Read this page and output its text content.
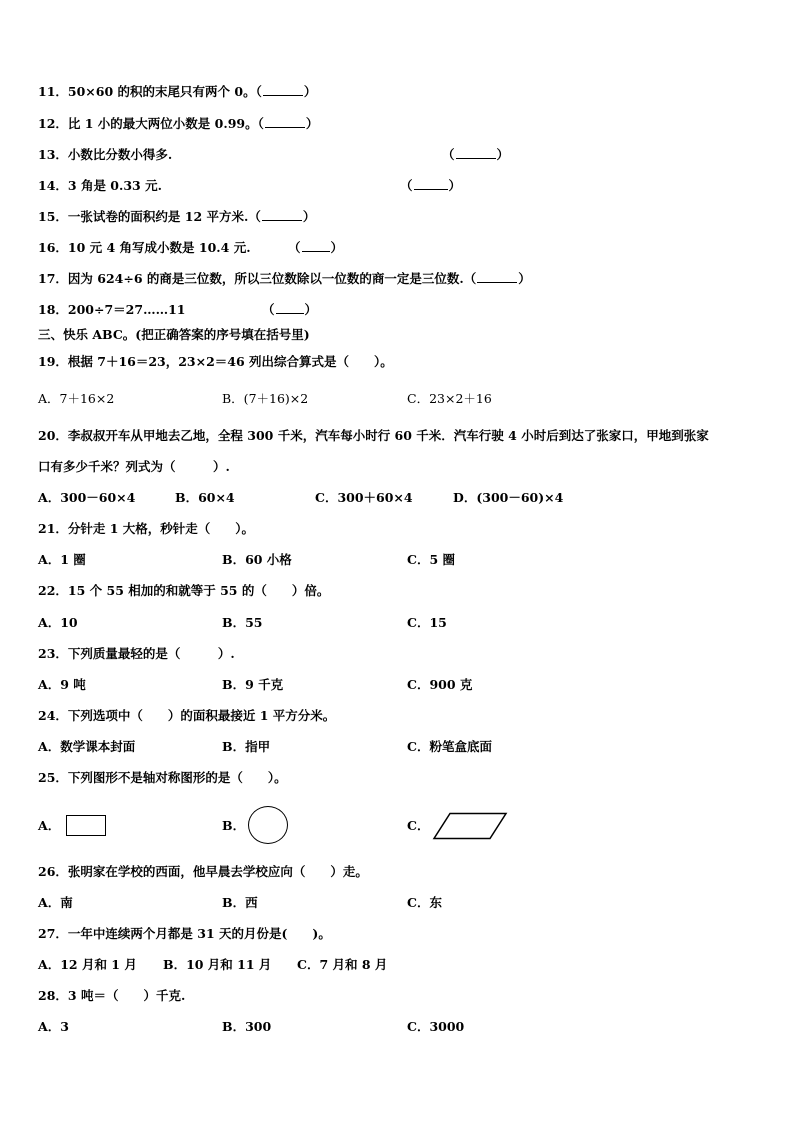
11．50×60 的积的末尾只有两个 0。（	）
12．比 1 小的最大两位小数是 0.99。（	）
13．小数比分数小得多.	（	）
14．3 角是 0.33 元.	（	）
15．一张试卷的面积约是 12 平方米.（	）
16．10 元 4 角写成小数是 10.4 元.	（ ）
17．因为 624÷6 的商是三位数，所以三位数除以一位数的商一定是三位数.（	）
18．200÷7＝27……11	（ ）
三、快乐 ABC。(把正确答案的序号填在括号里)
19．根据 7＋16＝23，23×2＝46 列出综合算式是（　　）。
A．7＋16×2	B．(7＋16)×2	C．23×2＋16
20．李叔叔开车从甲地去乙地，全程 300 千米，汽车每小时行 60 千米．汽车行驶 4 小时后到达了张家口，甲地到张家
口有多少千米？列式为（　　　）.
A．300－60×4	B．60×4	C．300＋60×4	D．(300－60)×4
21．分针走 1 大格，秒针走（　　）。
A．1 圈	B．60 小格	C．5 圈
22．15 个 55 相加的和就等于 55 的（　　）倍。
A．10	B．55	C．15
23．下列质量最轻的是（　　　）.
A．9 吨	B．9 千克	C．900 克
24．下列选项中（　　）的面积最接近 1 平方分米。
A．数学课本封面	B．指甲	C．粉笔盒底面
25．下列图形不是轴对称图形的是（　　）。
A．	B．	C．
26．张明家在学校的西面，他早晨去学校应向（　　）走。
A．南	B．西	C．东
27．一年中连续两个月都是 31 天的月份是(　　)。
A．12 月和 1 月 B．10 月和 11 月 C．7 月和 8 月
28．3 吨＝（　　）千克.
A．3	B．300	C．3000
